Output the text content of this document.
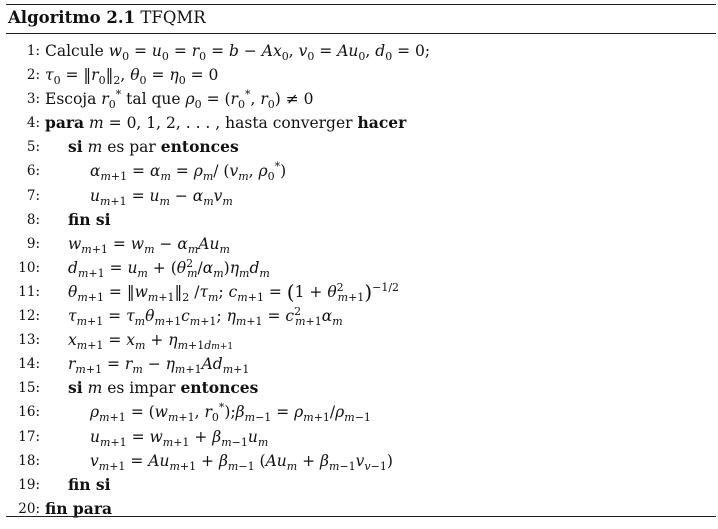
Algoritmo 2.1 TFQMR
1: Calcule $w_0 = u_0 = r_0 = b - Ax_0$, $v_0 = Au_0$, $d_0 = 0$;
2: $\tau_0$ = $‖r_0‖_2$, $\theta_0 = \eta_0 = 0$
3: Escoja $r_0^*$ tal que $\rho_0 = (r_0^*$, $r_0) \ne 0$
4: para m = 0, 1, 2, . . . , hasta converger hacer
5: si m es par entonces
6:	$\alpha_{m+1} = \alpha_m = \rho_m/$ ($v_m$, $\rho_0^*$)
7:	$u_{m+1} = u_m - \alpha_mv_m$
8: fin si
9: $w_{m+1} = w_m - \alpha_mAu_m$
10: $d_{m+1} = u_m + (\theta^2_m/\alpha_m)\eta_md_m$
11: $\theta_{m+1}$ = $‖w_{m+1}‖_2$ $/\tau_m$; $c_{m+1} = (1 + \theta^2_{m+1})^{-1/2}$
12: $\tau_{m+1} = \tau_m\theta_{m+1}c_{m+1}$; $\eta_{m+1} = c^2_{m+1}\alpha_m$
13: $x_{m+1} = x_m + \eta_{m+1dm+1}$
14: $r_{m+1} = r_m - \eta_{m+1}Ad_{m+1}$
15: si m es impar entonces
16:	$\rho_{m+1} = (w_{m+1}$, $r_0^*);\beta_{m-1} = \rho_{m+1}/\rho_{m-1}$
17:	$u_{m+1} = w_{m+1} + \beta_{m-1}u_m$
18:	$v_{m+1} = Au_{m+1} + \beta_{m-1}$ $(Au_m + \beta_{m-1}v_{v-1})$
19: fin si
20: fin para
